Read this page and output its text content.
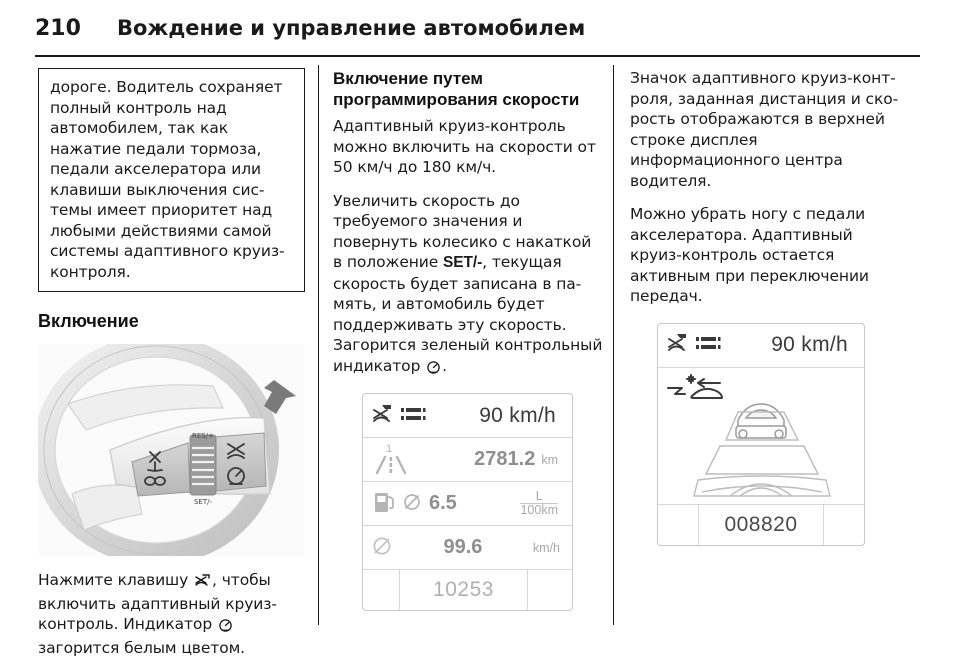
210	Вождение и управление автомобилем

дороге. Водитель сохраняет полный контроль над автомобилем, так как нажатие педали тормоза, педали акселератора или клавиши выключения системы имеет приоритет над любыми действиями самой системы адаптивного круиз-контроля.

Включение
RES/+
SET/-

Нажмите клавишу , чтобы включить адаптивный круиз-контроль. Индикатор загорится белым цветом.

Включение путем
программирования скорости

Адаптивный круиз-контроль можно включить на скорости от 50 км/ч до 180 км/ч.

Увеличить скорость до требуемого значения и повернуть колесико с накаткой в положение SET/-, текущая скорость будет записана в память, и автомобиль будет поддерживать эту скорость. Загорится зеленый контрольный индикатор .

90 km/h
1	2781.2 km
6.5	$\frac{L}{100km}$
99.6	km/h
10253

Значок адаптивного круиз-контроля, заданная дистанция и скорость отображаются в верхней строке дисплея информационного центра водителя.

Можно убрать ногу с педали акселератора. Адаптивный круиз-контроль остается активным при переключении передач.

90 km/h
008820
